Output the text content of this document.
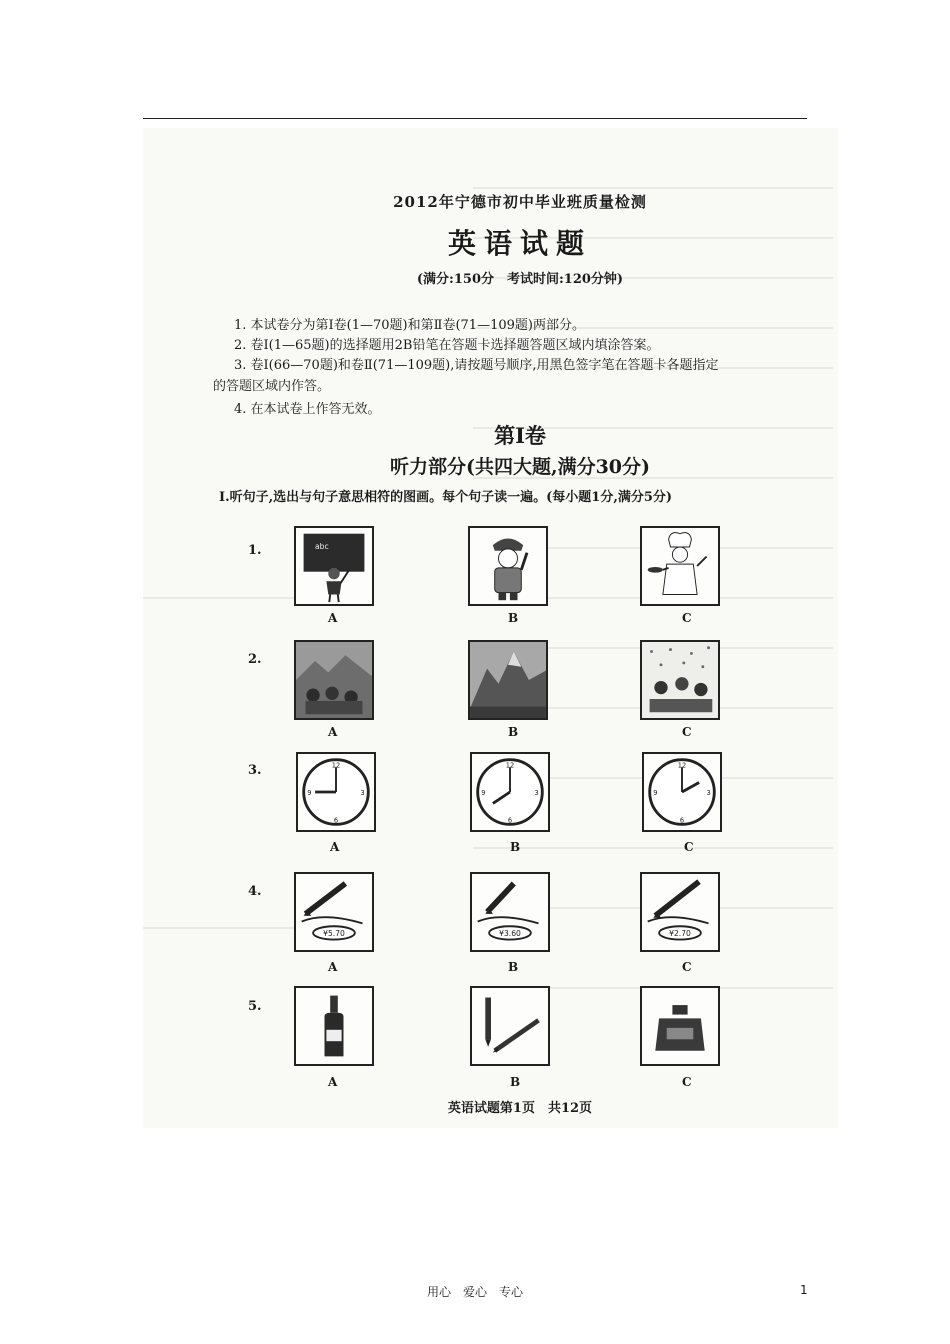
2012年宁德市初中毕业班质量检测
英语试题
(满分:150分　考试时间:120分钟)
1. 本试卷分为第Ⅰ卷(1—70题)和第Ⅱ卷(71—109题)两部分。
2. 卷Ⅰ(1—65题)的选择题用2B铅笔在答题卡选择题答题区域内填涂答案。
3. 卷Ⅰ(66—70题)和卷Ⅱ(71—109题),请按题号顺序,用黑色签字笔在答题卡各题指定
的答题区域内作答。
4. 在本试卷上作答无效。
第Ⅰ卷
听力部分(共四大题,满分30分)
Ⅰ.听句子,选出与句子意思相符的图画。每个句子读一遍。(每小题1分,满分5分)
1.	abc
A	B	C
2.
A	B	C
3.	12
3
6
9
A
12
3
6
9
B
12
3
6
9
C
4.
¥5.70
A
¥3.60
B
¥2.70
C
5.
A	B	C
英语试题第1页　共12页
用心　爱心　专心	1
